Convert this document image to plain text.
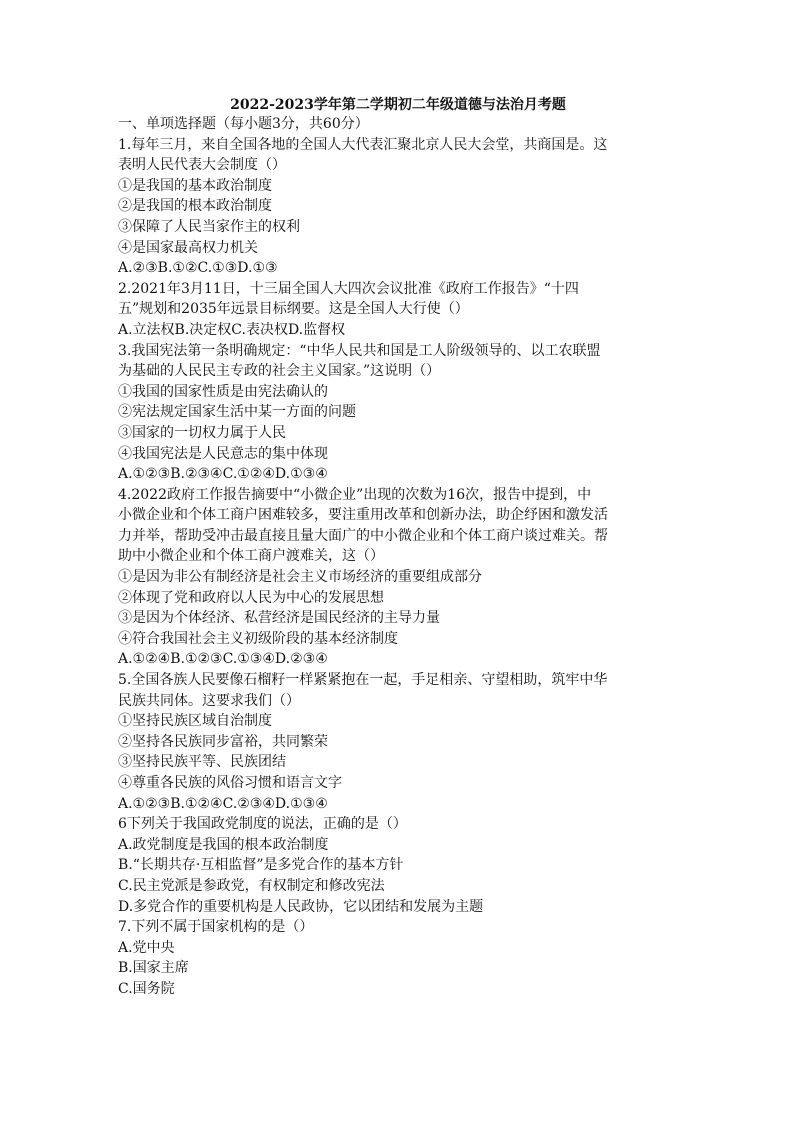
2022-2023学年第二学期初二年级道德与法治月考题
一、单项选择题（每小题3分，共60分）
1.每年三月，来自全国各地的全国人大代表汇聚北京人民大会堂，共商国是。这
表明人民代表大会制度（）
①是我国的基本政治制度
②是我国的根本政治制度
③保障了人民当家作主的权利
④是国家最高权力机关
A.②③B.①②C.①③D.①③
2.2021年3月11日，十三届全国人大四次会议批准《政府工作报告》“十四
五”规划和2035年远景目标纲要。这是全国人大行使（）
A.立法权B.决定权C.表决权D.监督权
3.我国宪法第一条明确规定：“中华人民共和国是工人阶级领导的、以工农联盟
为基础的人民民主专政的社会主义国家。”这说明（）
①我国的国家性质是由宪法确认的
②宪法规定国家生活中某一方面的问题
③国家的一切权力属于人民
④我国宪法是人民意志的集中体现
A.①②③B.②③④C.①②④D.①③④
4.2022政府工作报告摘要中“小微企业”出现的次数为16次，报告中提到，中
小微企业和个体工商户困难较多，要注重用改革和创新办法，助企纾困和激发活
力并举，帮助受冲击最直接且量大面广的中小微企业和个体工商户谈过难关。帮
助中小微企业和个体工商户渡难关，这（）
①是因为非公有制经济是社会主义市场经济的重要组成部分
②体现了党和政府以人民为中心的发展思想
③是因为个体经济、私营经济是国民经济的主导力量
④符合我国社会主义初级阶段的基本经济制度
A.①②④B.①②③C.①③④D.②③④
5.全国各族人民要像石榴籽一样紧紧抱在一起，手足相亲、守望相助，筑牢中华
民族共同体。这要求我们（）
①坚持民族区域自治制度
②坚持各民族同步富裕，共同繁荣
③坚持民族平等、民族团结
④尊重各民族的风俗习惯和语言文字
A.①②③B.①②④C.②③④D.①③④
6下列关于我国政党制度的说法，正确的是（）
A.政党制度是我国的根本政治制度
B.“长期共存·互相监督”是多党合作的基本方针
C.民主党派是参政党，有权制定和修改宪法
D.多党合作的重要机构是人民政协，它以团结和发展为主题
7.下列不属于国家机构的是（）
A.党中央
B.国家主席
C.国务院
